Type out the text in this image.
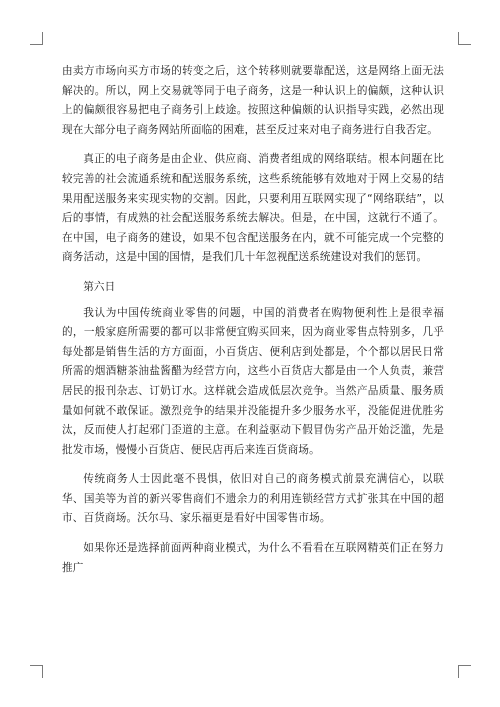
由卖方市场向买方市场的转变之后，这个转移则就要靠配送，这是网络上面无法解决的。所以，网上交易就等同于电子商务，这是一种认识上的偏颇，这种认识上的偏颇很容易把电子商务引上歧途。按照这种偏颇的认识指导实践，必然出现现在大部分电子商务网站所面临的困难，甚至反过来对电子商务进行自我否定。

真正的电子商务是由企业、供应商、消费者组成的网络联结。根本问题在比较完善的社会流通系统和配送服务系统，这些系统能够有效地对于网上交易的结果用配送服务来实现实物的交割。因此，只要利用互联网实现了“网络联结”，以后的事情，有成熟的社会配送服务系统去解决。但是，在中国，这就行不通了。在中国，电子商务的建设，如果不包含配送服务在内，就不可能完成一个完整的商务活动，这是中国的国情，是我们几十年忽视配送系统建设对我们的惩罚。

第六日

我认为中国传统商业零售的问题，中国的消费者在购物便利性上是很幸福的，一般家庭所需要的都可以非常便宜购买回来，因为商业零售点特别多，几乎每处都是销售生活的方方面面，小百货店、便利店到处都是，个个都以居民日常所需的烟酒糖茶油盐酱醋为经营方向，这些小百货店大都是由一个人负责，兼营居民的报刊杂志、订奶订水。这样就会造成低层次竞争。当然产品质量、服务质量如何就不敢保证。激烈竞争的结果并没能提升多少服务水平，没能促进优胜劣汰，反而使人打起邪门歪道的主意。在利益驱动下假冒伪劣产品开始泛滥，先是批发市场，慢慢小百货店、便民店再后来连百货商场。

传统商务人士因此毫不畏惧，依旧对自己的商务模式前景充满信心，以联华、国美等为首的新兴零售商们不遗余力的利用连锁经营方式扩张其在中国的超市、百货商场。沃尔马、家乐福更是看好中国零售市场。

如果你还是选择前面两种商业模式，为什么不看看在互联网精英们正在努力推广
